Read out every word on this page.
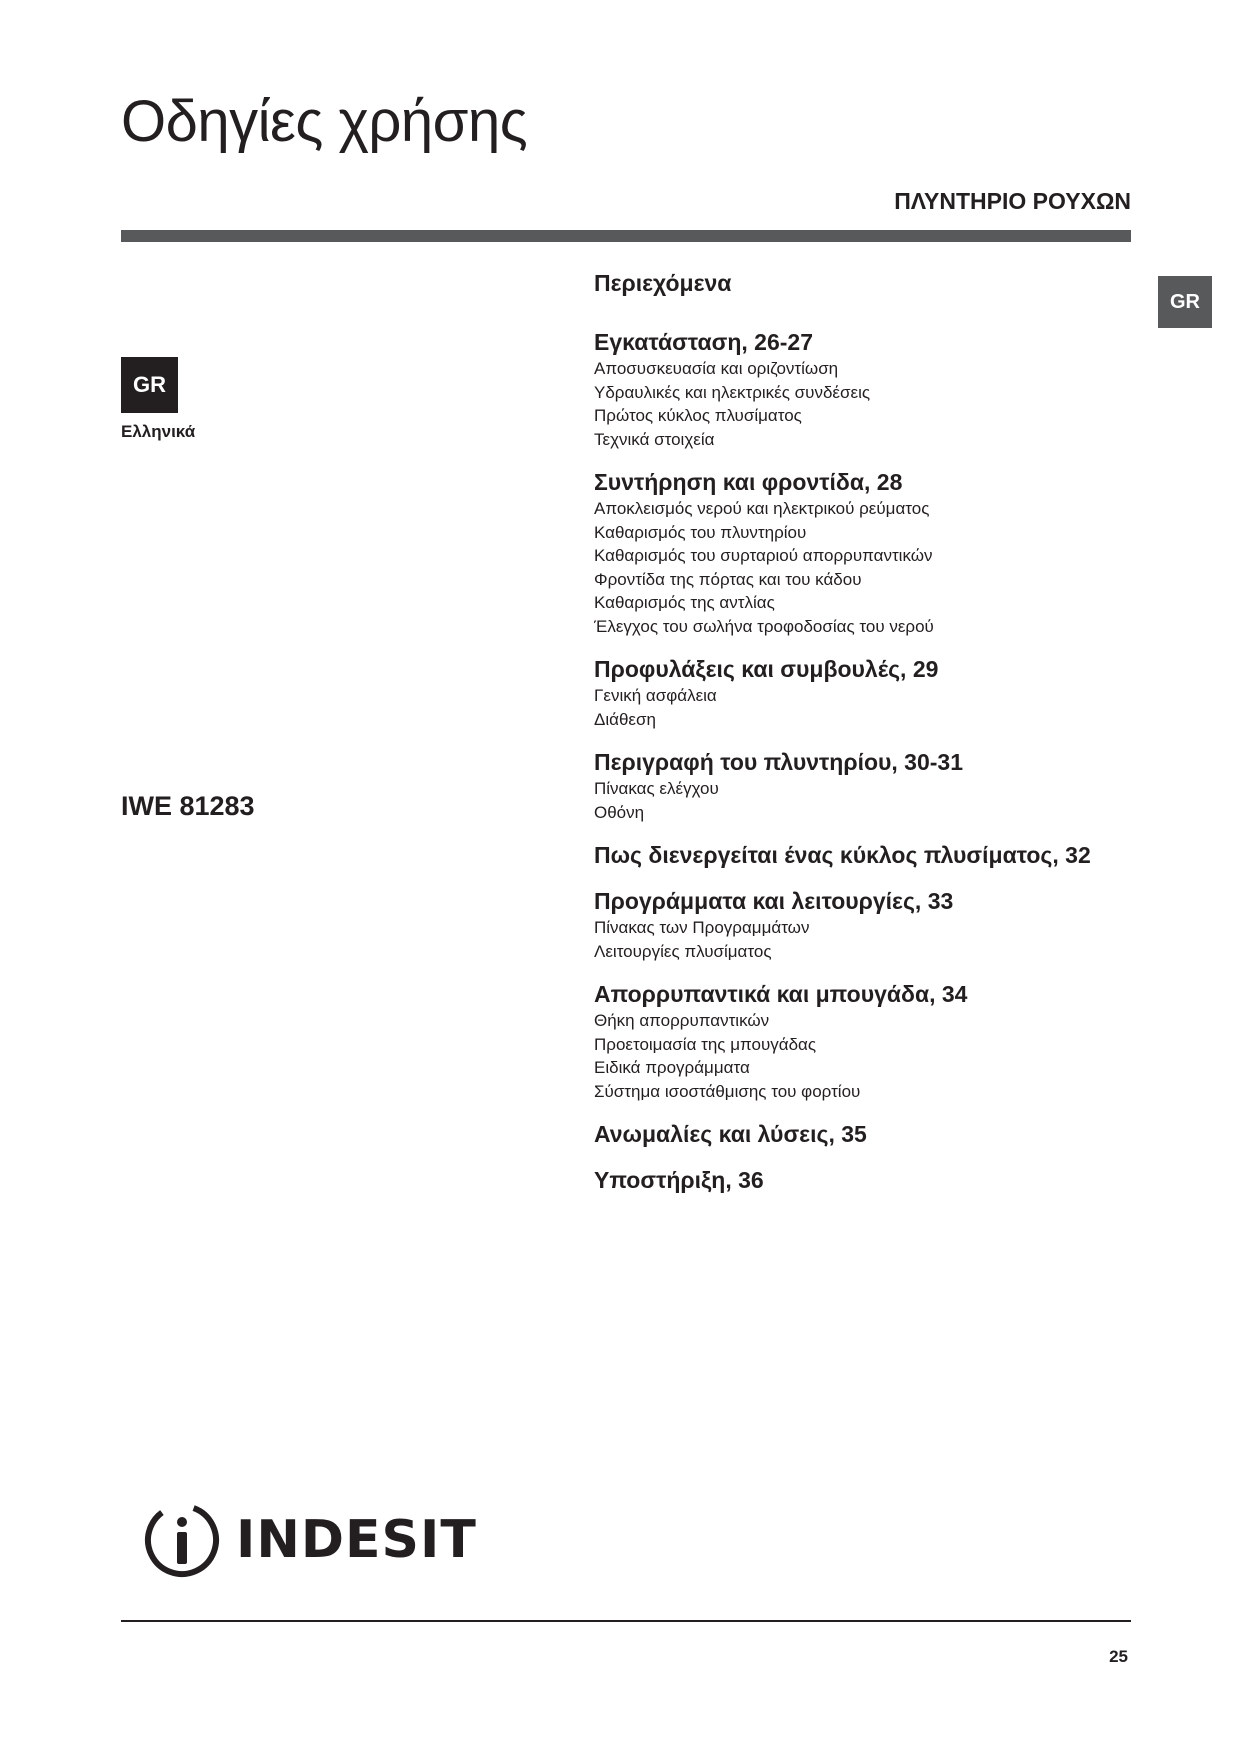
Οδηγίες χρήσης
ΠΛΥΝΤΗΡΙΟ ΡΟΥΧΩΝ
GR
GR
Ελληνικά
IWE 81283
Περιεχόμενα
Εγκατάσταση, 26-27
Αποσυσκευασία και οριζοντίωση
Υδραυλικές και ηλεκτρικές συνδέσεις
Πρώτος κύκλος πλυσίματος
Τεχνικά στοιχεία
Συντήρηση και φροντίδα, 28
Αποκλεισμός νερού και ηλεκτρικού ρεύματος
Καθαρισμός του πλυντηρίου
Καθαρισμός του συρταριού απορρυπαντικών
Φροντίδα της πόρτας και του κάδου
Καθαρισμός της αντλίας
Έλεγχος του σωλήνα τροφοδοσίας του νερού
Προφυλάξεις και συμβουλές, 29
Γενική ασφάλεια
Διάθεση
Περιγραφή του πλυντηρίου, 30-31
Πίνακας ελέγχου
Οθόνη
Πως διενεργείται ένας κύκλος πλυσίματος, 32
Προγράμματα και λειτουργίες, 33
Πίνακας των Προγραμμάτων
Λειτουργίες πλυσίματος
Απορρυπαντικά και μπουγάδα, 34
Θήκη απορρυπαντικών
Προετοιμασία της μπουγάδας
Ειδικά προγράμματα
Σύστημα ισοστάθμισης του φορτίου
Ανωμαλίες και λύσεις, 35
Υποστήριξη, 36
INDESIT
25
